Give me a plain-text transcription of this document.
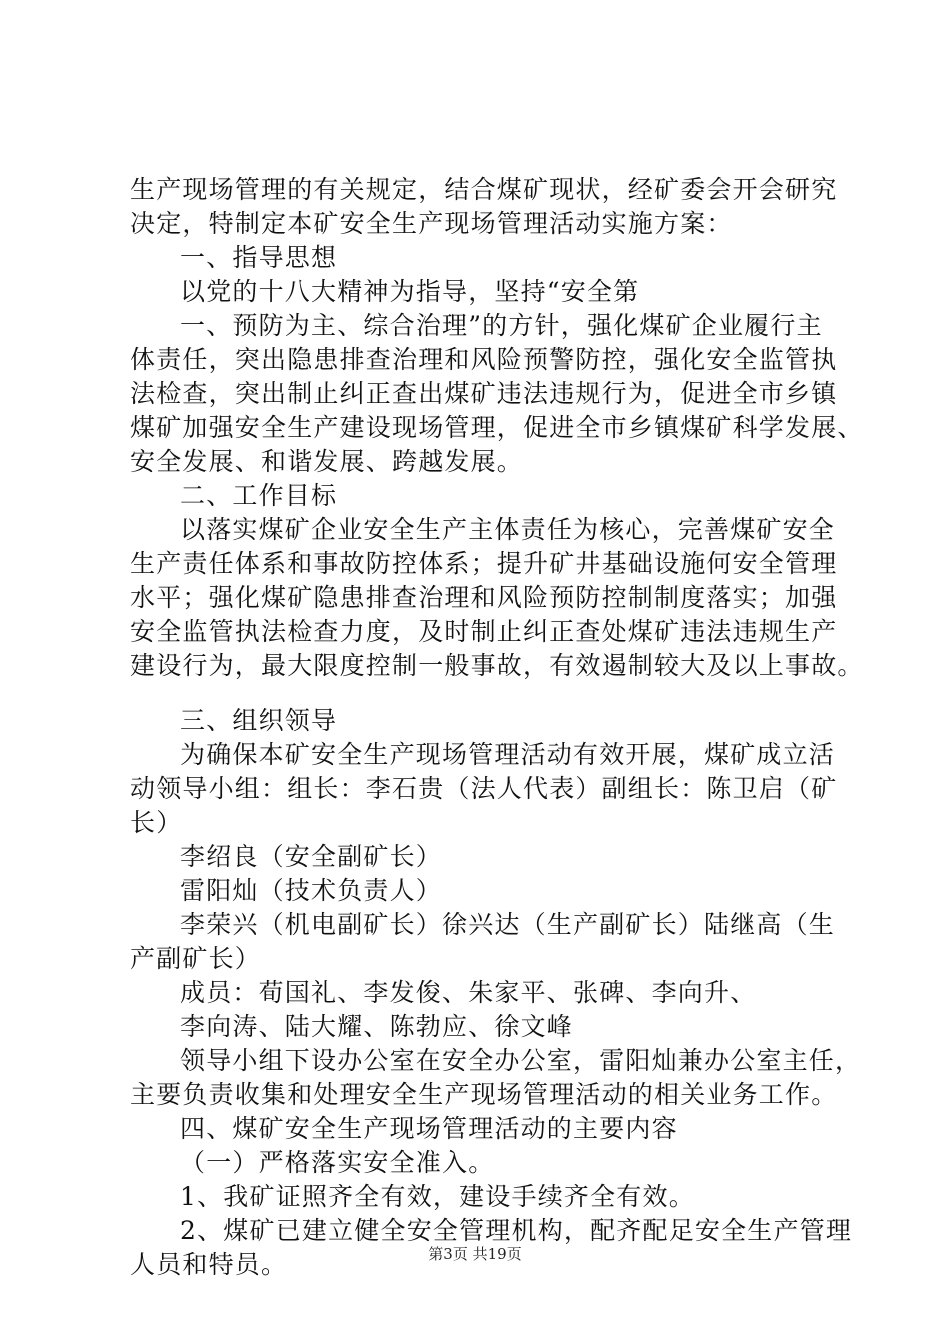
生产现场管理的有关规定，结合煤矿现状，经矿委会开会研究
决定，特制定本矿安全生产现场管理活动实施方案：
一、指导思想
以党的十八大精神为指导，坚持“安全第
一、预防为主、综合治理”的方针，强化煤矿企业履行主
体责任，突出隐患排查治理和风险预警防控，强化安全监管执
法检查，突出制止纠正查出煤矿违法违规行为，促进全市乡镇
煤矿加强安全生产建设现场管理，促进全市乡镇煤矿科学发展、
安全发展、和谐发展、跨越发展。
二、工作目标
以落实煤矿企业安全生产主体责任为核心，完善煤矿安全
生产责任体系和事故防控体系；提升矿井基础设施何安全管理
水平；强化煤矿隐患排查治理和风险预防控制制度落实；加强
安全监管执法检查力度，及时制止纠正查处煤矿违法违规生产
建设行为，最大限度控制一般事故，有效遏制较大及以上事故。
三、组织领导
为确保本矿安全生产现场管理活动有效开展，煤矿成立活
动领导小组：组长：李石贵（法人代表）副组长：陈卫启（矿
长）
李绍良（安全副矿长）
雷阳灿（技术负责人）
李荣兴（机电副矿长）徐兴达（生产副矿长）陆继高（生
产副矿长）
成员：荀国礼、李发俊、朱家平、张碑、李向升、
李向涛、陆大耀、陈勃应、徐文峰
领导小组下设办公室在安全办公室，雷阳灿兼办公室主任，
主要负责收集和处理安全生产现场管理活动的相关业务工作。
四、煤矿安全生产现场管理活动的主要内容
（一）严格落实安全准入。
1、我矿证照齐全有效，建设手续齐全有效。
2、煤矿已建立健全安全管理机构，配齐配足安全生产管理
人员和特员。	第3页 共19页
